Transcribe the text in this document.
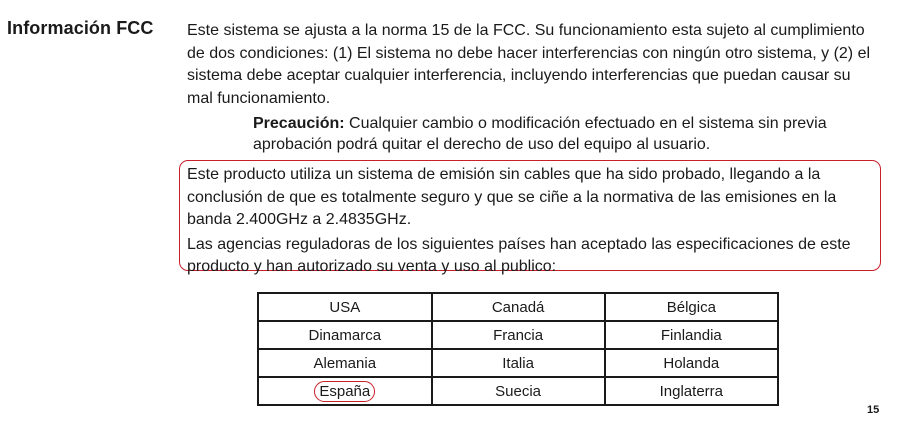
Información FCC Este sistema se ajusta a la norma 15 de la FCC. Su funcionamiento esta sujeto al cumplimiento de dos condiciones: (1) El sistema no debe hacer interferencias con ningún otro sistema, y (2) el sistema debe aceptar cualquier interferencia, incluyendo interferencias que puedan causar su mal funcionamiento.

Precaución: Cualquier cambio o modificación efectuado en el sistema sin previa aprobación podrá quitar el derecho de uso del equipo al usuario.

Este producto utiliza un sistema de emisión sin cables que ha sido probado, llegando a la conclusión de que es totalmente seguro y que se ciñe a la normativa de las emisiones en la banda 2.400GHz a 2.4835GHz.

Las agencias reguladoras de los siguientes países han aceptado las especificaciones de este producto y han autorizado su venta y uso al publico:

USA	Canadá	Bélgica
Dinamarca	Francia	Finlandia
Alemania	Italia	Holanda
España	Suecia	Inglaterra
15
